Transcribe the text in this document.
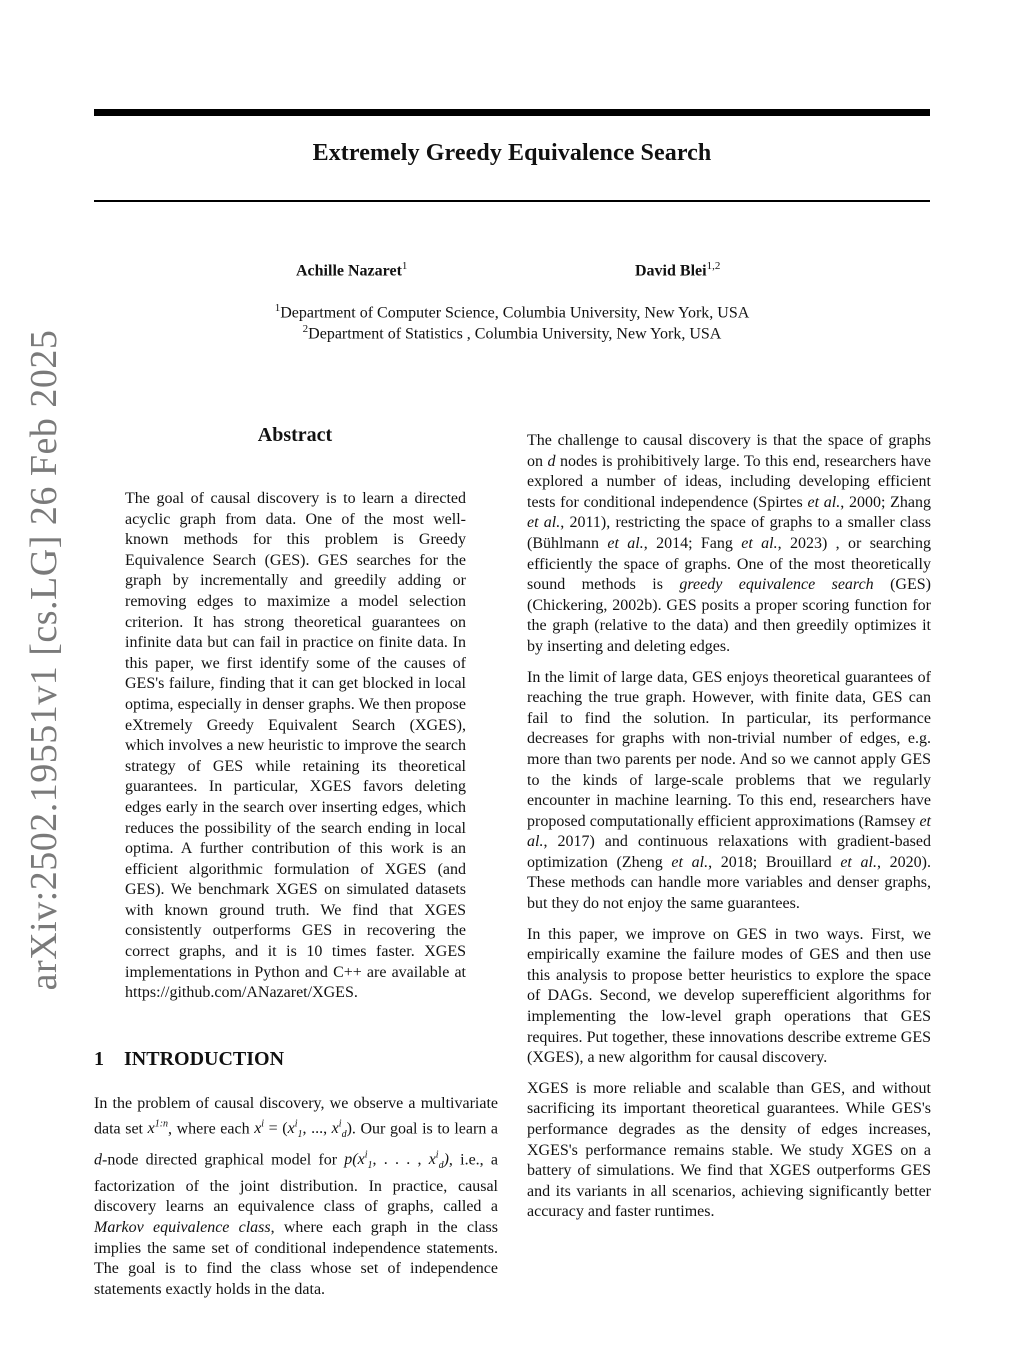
arXiv:2502.19551v1 [cs.LG] 26 Feb 2025
Extremely Greedy Equivalence Search
Achille Nazaret$^1$	David Blei$^{1,2}$
$^1$Department of Computer Science, Columbia University, New York, USA
$^2$Department of Statistics , Columbia University, New York, USA
Abstract
The goal of causal discovery is to learn a directed acyclic graph from data. One of the most well-known methods for this problem is Greedy Equivalence Search (GES). GES searches for the graph by incrementally and greedily adding or removing edges to maximize a model selection criterion. It has strong theoretical guarantees on infinite data but can fail in practice on finite data. In this paper, we first identify some of the causes of GES's failure, finding that it can get blocked in local optima, especially in denser graphs. We then propose eXtremely Greedy Equivalent Search (XGES), which involves a new heuristic to improve the search strategy of GES while retaining its theoretical guarantees. In particular, XGES favors deleting edges early in the search over inserting edges, which reduces the possibility of the search ending in local optima. A further contribution of this work is an efficient algorithmic formulation of XGES (and GES). We benchmark XGES on simulated datasets with known ground truth. We find that XGES consistently outperforms GES in recovering the correct graphs, and it is 10 times faster. XGES implementations in Python and C++ are available at https://github.com/ANazaret/XGES.
1 INTRODUCTION
In the problem of causal discovery, we observe a multivariate data set $x^{1:n}$, where each $x^i = (x^i_1$, ..., $x^i_d$). Our goal is to learn a d-node directed graphical model for $p(x^i_1$, . . . , $x^i_d$), i.e., a factorization of the joint distribution. In practice, causal discovery learns an equivalence class of graphs, called a Markov equivalence class, where each graph in the class implies the same set of conditional independence statements. The goal is to find the class whose set of independence statements exactly holds in the data.

The challenge to causal discovery is that the space of graphs on d nodes is prohibitively large. To this end, researchers have explored a number of ideas, including developing efficient tests for conditional independence (Spirtes et al., 2000; Zhang et al., 2011), restricting the space of graphs to a smaller class (Bühlmann et al., 2014; Fang et al., 2023) , or searching efficiently the space of graphs. One of the most theoretically sound methods is greedy equivalence search (GES) (Chickering, 2002b). GES posits a proper scoring function for the graph (relative to the data) and then greedily optimizes it by inserting and deleting edges.

In the limit of large data, GES enjoys theoretical guarantees of reaching the true graph. However, with finite data, GES can fail to find the solution. In particular, its performance decreases for graphs with non-trivial number of edges, e.g. more than two parents per node. And so we cannot apply GES to the kinds of large-scale problems that we regularly encounter in machine learning. To this end, researchers have proposed computationally efficient approximations (Ramsey et al., 2017) and continuous relaxations with gradient-based optimization (Zheng et al., 2018; Brouillard et al., 2020). These methods can handle more variables and denser graphs, but they do not enjoy the same guarantees.

In this paper, we improve on GES in two ways. First, we empirically examine the failure modes of GES and then use this analysis to propose better heuristics to explore the space of DAGs. Second, we develop superefficient algorithms for implementing the low-level graph operations that GES requires. Put together, these innovations describe extreme GES (XGES), a new algorithm for causal discovery.

XGES is more reliable and scalable than GES, and without sacrificing its important theoretical guarantees. While GES's performance degrades as the density of edges increases, XGES's performance remains stable. We study XGES on a battery of simulations. We find that XGES outperforms GES and its variants in all scenarios, achieving significantly better accuracy and faster runtimes.
